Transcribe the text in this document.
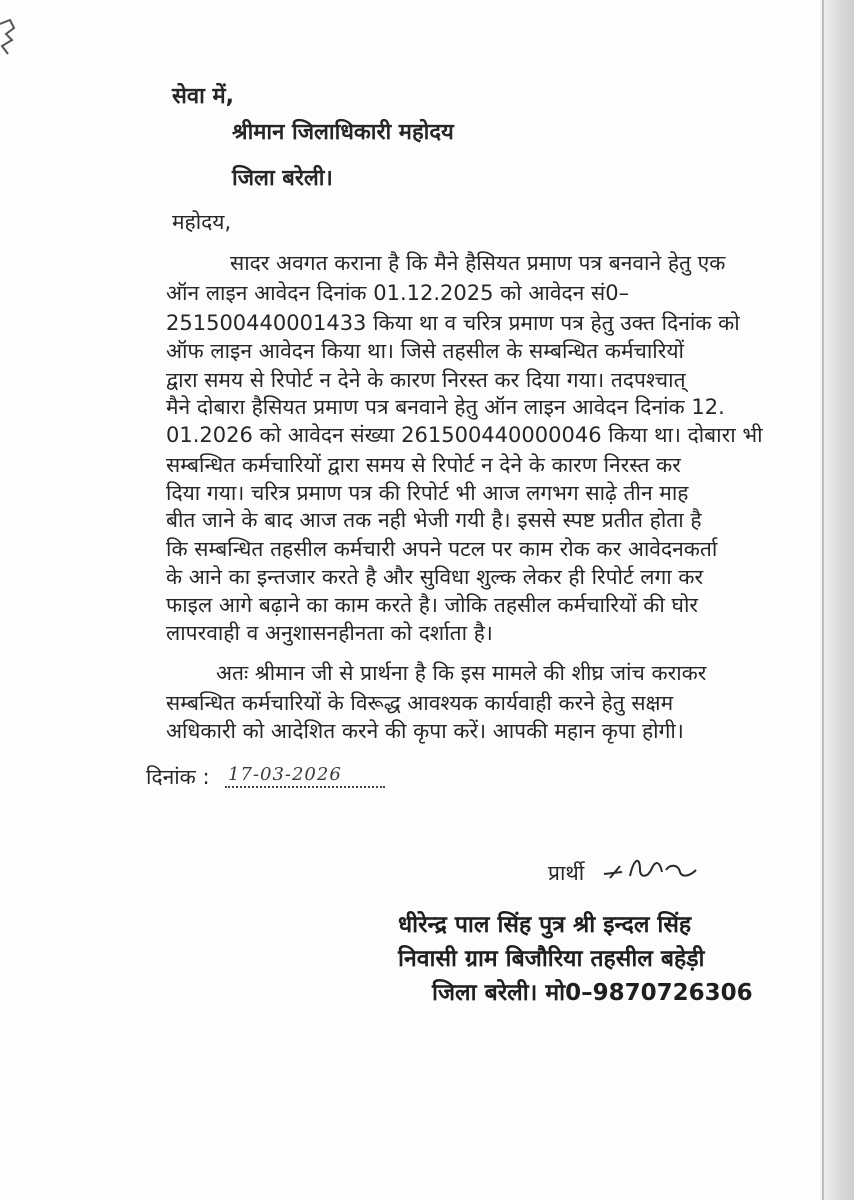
सेवा में,
श्रीमान जिलाधिकारी महोदय
जिला बरेली।
महोदय,
सादर अवगत कराना है कि मैने हैसियत प्रमाण पत्र बनवाने हेतु एक
ऑन लाइन आवेदन दिनांक 01.12.2025 को आवेदन सं0–
251500440001433 किया था व चरित्र प्रमाण पत्र हेतु उक्त दिनांक को
ऑफ लाइन आवेदन किया था। जिसे तहसील के सम्बन्धित कर्मचारियों
द्वारा समय से रिपोर्ट न देने के कारण निरस्त कर दिया गया। तदपश्चात्
मैने दोबारा हैसियत प्रमाण पत्र बनवाने हेतु ऑन लाइन आवेदन दिनांक 12.
01.2026 को आवेदन संख्या 261500440000046 किया था। दोबारा भी
सम्बन्धित कर्मचारियों द्वारा समय से रिपोर्ट न देने के कारण निरस्त कर
दिया गया। चरित्र प्रमाण पत्र की रिपोर्ट भी आज लगभग साढ़े तीन माह
बीत जाने के बाद आज तक नही भेजी गयी है। इससे स्पष्ट प्रतीत होता है
कि सम्बन्धित तहसील कर्मचारी अपने पटल पर काम रोक कर आवेदनकर्ता
के आने का इन्तजार करते है और सुविधा शुल्क लेकर ही रिपोर्ट लगा कर
फाइल आगे बढ़ाने का काम करते है। जोकि तहसील कर्मचारियों की घोर
लापरवाही व अनुशासनहीनता को दर्शाता है।
अतः श्रीमान जी से प्रार्थना है कि इस मामले की शीघ्र जांच कराकर
सम्बन्धित कर्मचारियों के विरूद्ध आवश्यक कार्यवाही करने हेतु सक्षम
अधिकारी को आदेशित करने की कृपा करें। आपकी महान कृपा होगी।
दिनांक : 17-03-2026
प्रार्थी
धीरेन्द्र पाल सिंह पुत्र श्री इन्दल सिंह
निवासी ग्राम बिजौरिया तहसील बहेड़ी
जिला बरेली। मो0–9870726306
